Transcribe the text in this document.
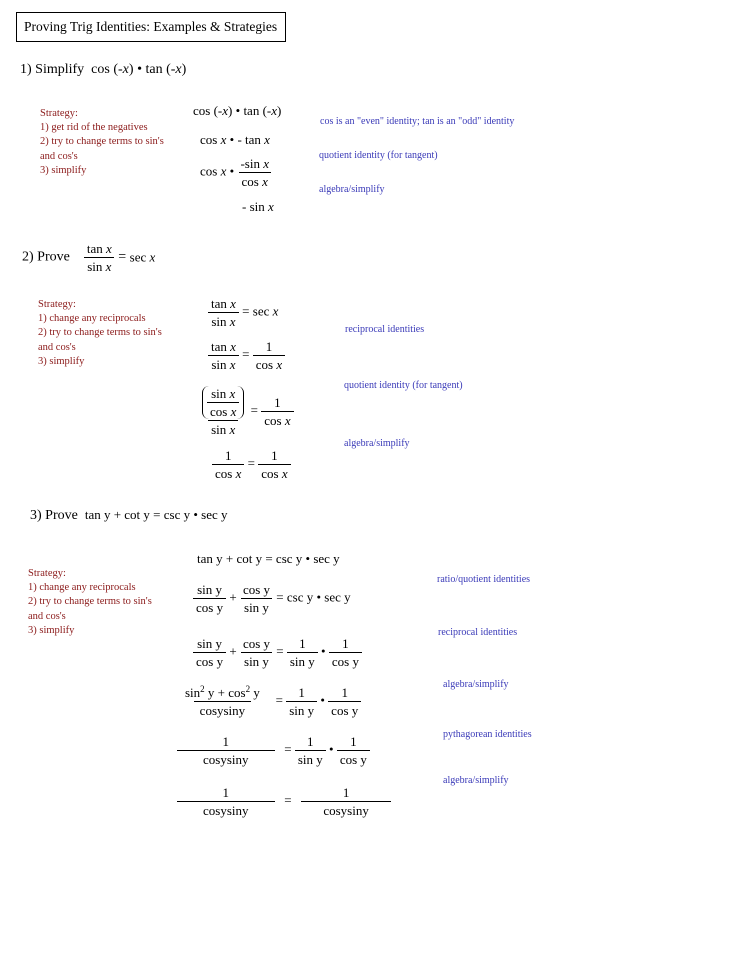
Proving Trig Identities: Examples & Strategies
1) Simplify cos (-x) • tan (-x)
Strategy:
1) get rid of the negatives
2) try to change terms to sin's and cos's
3) simplify
cos (-x) • tan (-x)
cos x • - tan x
cos x • $\frac{\text{-sin x}}{\text{cos x}}$
- sin x
cos is an "even" identity; tan is an "odd" identity
quotient identity (for tangent)
algebra/simplify
2) Prove $\frac{\text{tan x}}{\text{sin x}} = \sec x$
Strategy:
1) change any reciprocals
2) try to change terms to sin's and cos's
3) simplify
$\frac{\text{tan x}}{\text{sin x}} = \sec x$
$\frac{\text{tan x}}{\text{sin x}} = \frac{1}{\text{cos x}}$
$\frac{\frac{\text{sin x}}{\text{cos x}}}{\text{sin x}} = \frac{1}{\text{cos x}}$
$\frac{1}{\text{cos x}} = \frac{1}{\text{cos x}}$
reciprocal identities
quotient identity (for tangent)
algebra/simplify
3) Prove tan y + cot y = csc y • sec y
Strategy:
1) change any reciprocals
2) try to change terms to sin's and cos's
3) simplify
tan y + cot y = csc y • sec y
$\frac{\text{sin y}}{\text{cos y}} + \frac{\text{cos y}}{\text{sin y}} = \csc y$ • sec y
$\frac{\text{sin y}}{\text{cos y}} + \frac{\text{cos y}}{\text{sin y}} = \frac{1}{\text{sin y}}$ • $\frac{1}{\text{cos y}}$
$\frac{\sin^2 y + \cos^2 y}{\text{cosysiny}} = \frac{1}{\text{sin y}}$ • $\frac{1}{\text{cos y}}$
$\frac{1}{\text{cosysiny}} = \frac{1}{\text{sin y}}$ • $\frac{1}{\text{cos y}}$
$\frac{1}{\text{cosysiny}} = \frac{1}{\text{cosysiny}}$
ratio/quotient identities
reciprocal identities
algebra/simplify
pythagorean identities
algebra/simplify
